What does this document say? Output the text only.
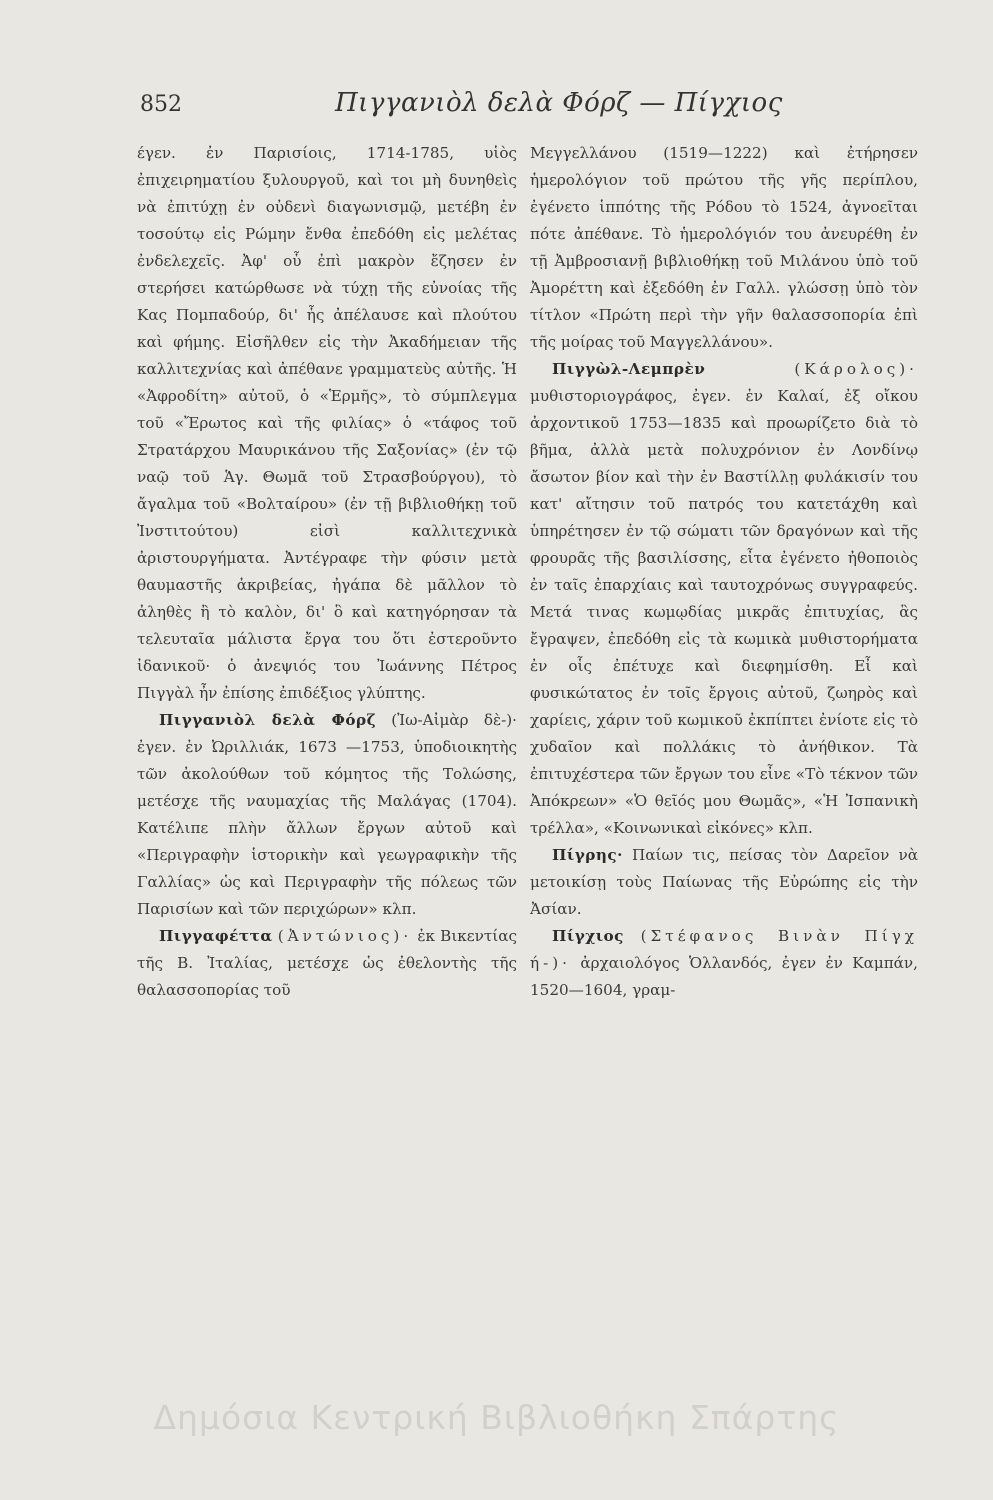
852	Πιγγανιὸλ δελὰ Φόρζ — Πίγχιος

έγεν. ἐν Παρισίοις, 1714-1785, υἱὸς ἐπιχειρηματίου ξυλουργοῦ, καὶ τοι μὴ δυνηθεὶς νὰ ἐπιτύχῃ ἐν οὐδενὶ διαγωνισμῷ, μετέβη ἐν τοσούτῳ εἰς Ρώμην ἔνθα ἐπεδόθη εἰς μελέτας ἐνδελεχεῖς. Ἀφ' οὗ ἐπὶ μακρὸν ἔζησεν ἐν στερήσει κατώρθωσε νὰ τύχῃ τῆς εὐνοίας τῆς Κας Πομπαδούρ, δι' ἧς ἀπέλαυσε καὶ πλούτου καὶ φήμης. Εἰσῆλθεν εἰς τὴν Ἀκαδήμειαν τῆς καλλιτεχνίας καὶ ἀπέθανε γραμματεὺς αὐτῆς. Ἡ «Ἀφροδίτη» αὐτοῦ, ὁ «Ἑρμῆς», τὸ σύμπλεγμα τοῦ «Ἔρωτος καὶ τῆς φιλίας» ὁ «τάφος τοῦ Στρατάρχου Μαυρικάνου τῆς Σαξονίας» (ἐν τῷ ναῷ τοῦ Ἁγ. Θωμᾶ τοῦ Στρασβούργου), τὸ ἄγαλμα τοῦ «Βολταίρου» (ἐν τῇ βιβλιοθήκῃ τοῦ Ἰνστιτούτου) εἰσὶ καλλιτεχνικὰ ἀριστουργήματα. Ἀντέγραφε τὴν φύσιν μετὰ θαυμαστῆς ἀκριβείας, ἠγάπα δὲ μᾶλλον τὸ ἀληθὲς ἢ τὸ καλὸν, δι' ὃ καὶ κατηγόρησαν τὰ τελευταῖα μάλιστα ἔργα του ὅτι ἐστεροῦντο ἰδανικοῦ· ὁ ἀνεψιός του Ἰωάννης Πέτρος Πιγγὰλ ἦν ἐπίσης ἐπιδέξιος γλύπτης.

Πιγγανιὸλ δελὰ Φόρζ (Ἰω-Αἰμὰρ δὲ-)· ἐγεν. ἐν Ὠριλλιάκ, 1673 —1753, ὑποδιοικητὴς τῶν ἀκολούθων τοῦ κόμητος τῆς Τολώσης, μετέσχε τῆς ναυμαχίας τῆς Μαλάγας (1704). Κατέλιπε πλὴν ἄλλων ἔργων αὐτοῦ καὶ «Περιγραφὴν ἱστορικὴν καὶ γεωγραφικὴν τῆς Γαλλίας» ὡς καὶ Περιγραφὴν τῆς πόλεως τῶν Παρισίων καὶ τῶν περιχώρων» κλπ.

Πιγγαφέττα (Ἀντώνιος)· ἐκ Βικεντίας τῆς Β. Ἰταλίας, μετέσχε ὡς ἐθελοντὴς τῆς θαλασσοπορίας τοῦ

Μεγγελλάνου (1519—1222) καὶ ἐτήρησεν ἡμερολόγιον τοῦ πρώτου τῆς γῆς περίπλου, ἐγένετο ἱππότης τῆς Ρόδου τὸ 1524, ἀγνοεῖται πότε ἀπέθανε. Τὸ ἡμερολόγιόν του ἀνευρέθη ἐν τῇ Ἀμβροσιανῇ βιβλιοθήκῃ τοῦ Μιλάνου ὑπὸ τοῦ Ἀμορέττη καὶ ἐξεδόθη ἐν Γαλλ. γλώσσῃ ὑπὸ τὸν τίτλον «Πρώτη περὶ τὴν γῆν θαλασσοπορία ἐπὶ τῆς μοίρας τοῦ Μαγγελλάνου».

Πιγγὼλ-Λεμπρὲν	(Κάρολος)· μυθιστοριογράφος, ἐγεν. ἐν Καλαί, ἐξ οἴκου ἀρχοντικοῦ 1753—1835 καὶ προωρίζετο διὰ τὸ βῆμα, ἀλλὰ μετὰ πολυχρόνιον ἐν Λονδίνῳ ἄσωτον βίον καὶ τὴν ἐν Βαστίλλῃ φυλάκισίν του κατ' αἴτησιν τοῦ πατρός του κατετάχθη καὶ ὑπηρέτησεν ἐν τῷ σώματι τῶν δραγόνων καὶ τῆς φρουρᾶς τῆς βασιλίσσης, εἶτα ἐγένετο ἠθοποιὸς ἐν ταῖς ἐπαρχίαις καὶ ταυτοχρόνως συγγραφεύς. Μετά τινας κωμῳδίας μικρᾶς ἐπιτυχίας, ἃς ἔγραψεν, ἐπεδόθη εἰς τὰ κωμικὰ μυθιστορήματα ἐν οἷς ἐπέτυχε καὶ διεφημίσθη. Εἶ καὶ φυσικώτατος ἐν τοῖς ἔργοις αὐτοῦ, ζωηρὸς καὶ χαρίεις, χάριν τοῦ κωμικοῦ ἐκπίπτει ἐνίοτε εἰς τὸ χυδαῖον καὶ πολλάκις τὸ ἀνήθικον. Τὰ ἐπιτυχέστερα τῶν ἔργων του εἶνε «Τὸ τέκνον τῶν Ἀπόκρεων» «Ὁ θεῖός μου Θωμᾶς», «Ἡ Ἰσπανικὴ τρέλλα», «Κοινωνικαὶ εἰκόνες» κλπ.

Πίγρης· Παίων τις, πείσας τὸν Δαρεῖον νὰ μετοικίσῃ τοὺς Παίωνας τῆς Εὐρώπης εἰς τὴν Ἀσίαν.

Πίγχιος (Στέφανος Βινὰν Πίγχ ή-)· ἀρχαιολόγος Ὁλλανδός, ἐγεν ἐν Καμπάν, 1520—1604, γραμ-

Δημόσια Κεντρική Βιβλιοθήκη Σπάρτης
